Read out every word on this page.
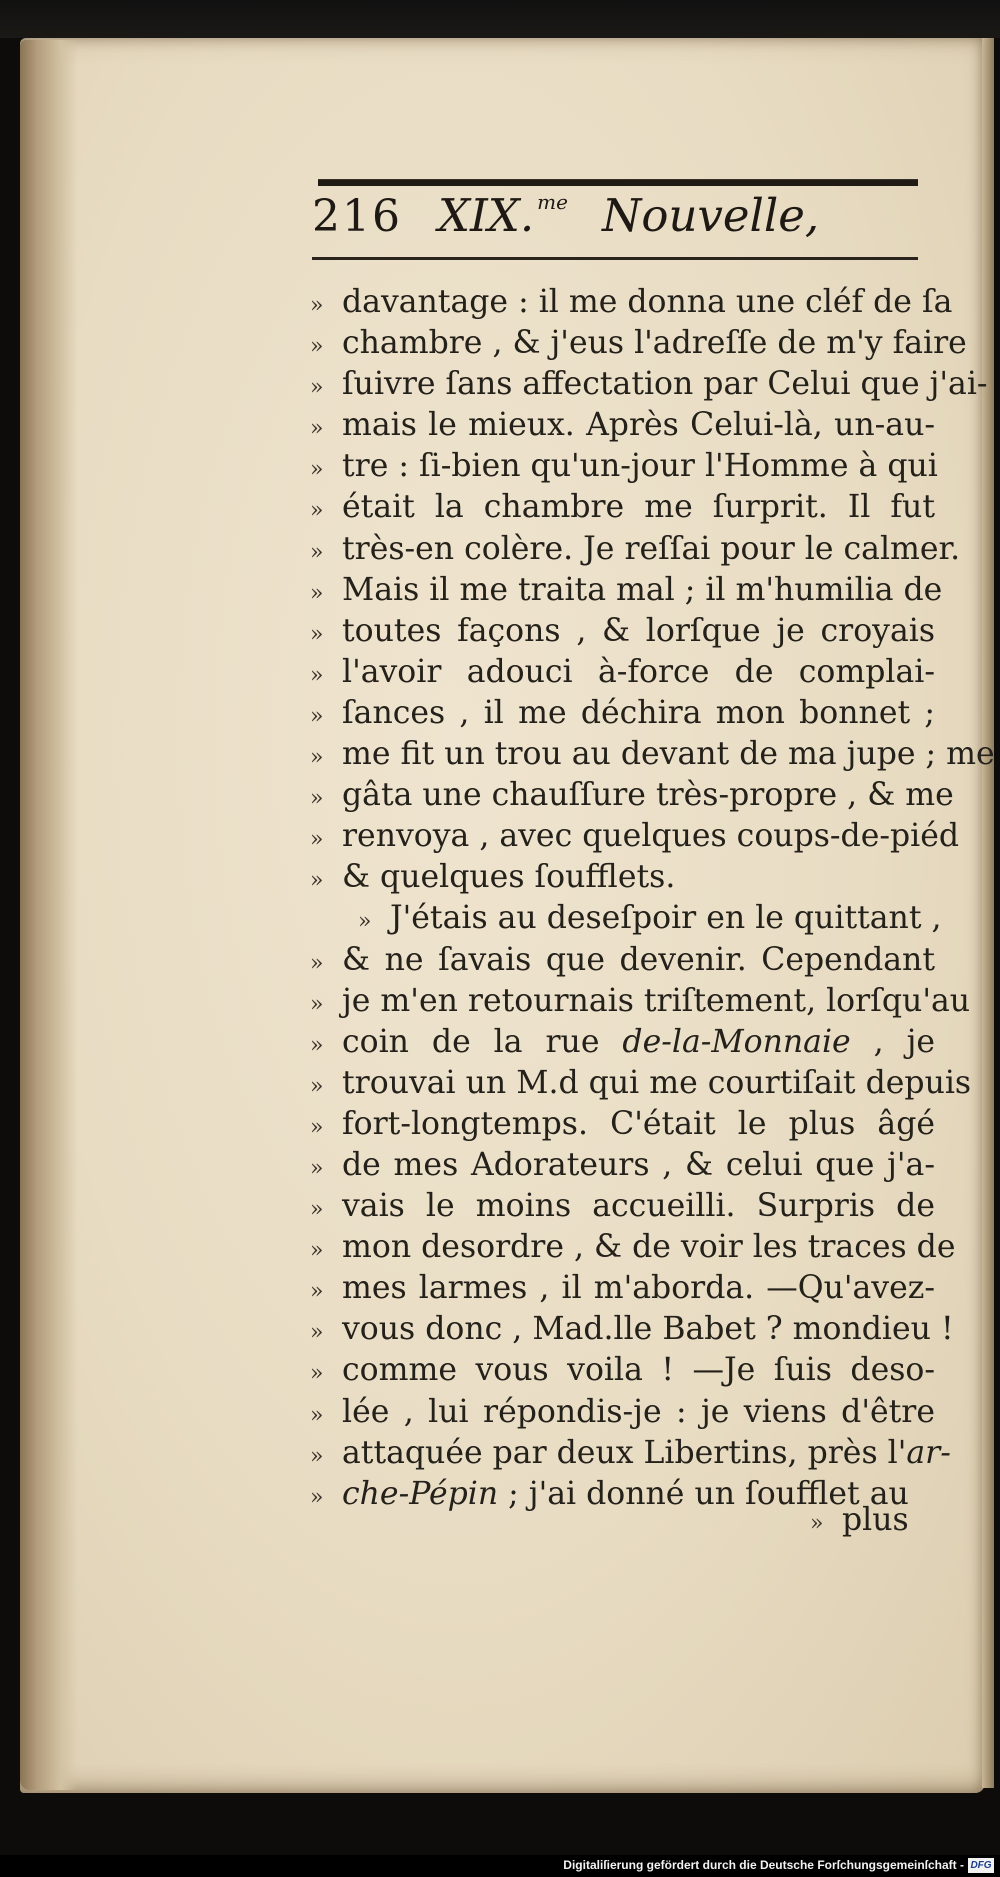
216 XIX. $^{me}$ Nouvelle,
» davantage : il me donna une cléf de ſa
» chambre , & j'eus l'adreſſe de m'y faire
» ſuivre ſans affectation par Celui que j'ai-
» mais le mieux. Après Celui-là, un-au-
» tre : ſi-bien qu'un-jour l'Homme à qui
» était la chambre me ſurprit. Il fut
» très-en colère. Je reſſai pour le calmer.
» Mais il me traita mal ; il m'humilia de
» toutes façons , & lorſque je croyais
» l'avoir adouci à-force de complai-
» ſances , il me déchira mon bonnet ;
» me fit un trou au devant de ma jupe ; me
» gâta une chauſſure très-propre , & me
» renvoya , avec quelques coups-de-piéd
» & quelques ſoufflets.
» J'étais au deseſpoir en le quittant ,
» & ne ſavais que devenir. Cependant
» je m'en retournais triſtement, lorſqu'au
» coin de la rue de-la-Monnaie , je
» trouvai un M.d qui me courtiſait depuis
» fort-longtemps. C'était le plus âgé
» de mes Adorateurs , & celui que j'a-
» vais le moins accueilli. Surpris de
» mon desordre , & de voir les traces de
» mes larmes , il m'aborda. —Qu'avez-
» vous donc , Mad.lle Babet ? mondieu !
» comme vous voila ! —Je ſuis deso-
» lée , lui répondis-je : je viens d'être
» attaquée par deux Libertins, près l'ar-
» che-Pépin ; j'ai donné un ſoufflet au
» plus
Digitaliſierung gefördert durch die Deutsche Forſchungsgemeinſchaft - DFG
